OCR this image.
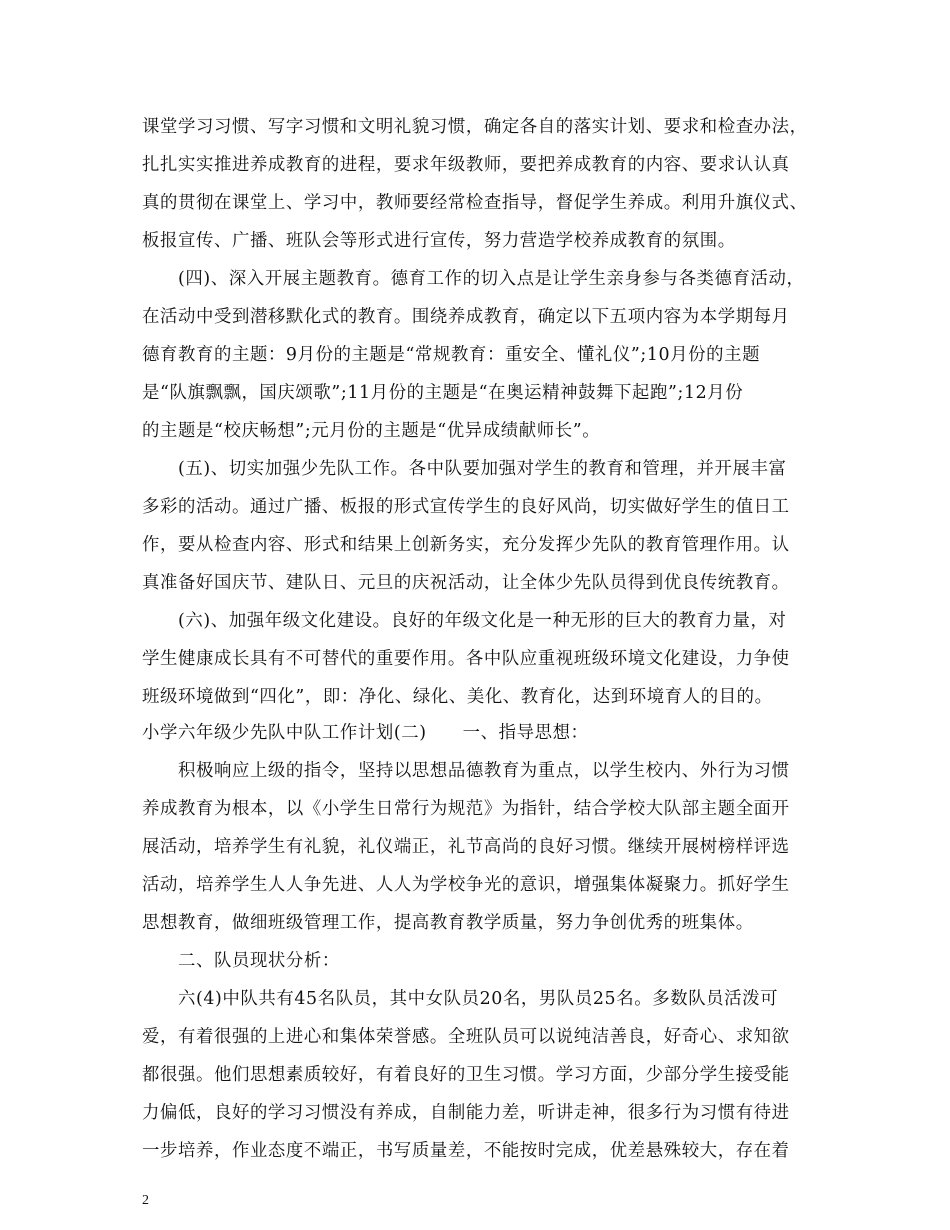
课堂学习习惯、写字习惯和文明礼貌习惯，确定各自的落实计划、要求和检查办法，
扎扎实实推进养成教育的进程，要求年级教师，要把养成教育的内容、要求认认真
真的贯彻在课堂上、学习中，教师要经常检查指导，督促学生养成。利用升旗仪式、
板报宣传、广播、班队会等形式进行宣传，努力营造学校养成教育的氛围。
　　(四)、深入开展主题教育。德育工作的切入点是让学生亲身参与各类德育活动，
在活动中受到潜移默化式的教育。围绕养成教育，确定以下五项内容为本学期每月
德育教育的主题：9月份的主题是“常规教育：重安全、懂礼仪”;10月份的主题
是“队旗飘飘，国庆颂歌”;11月份的主题是“在奥运精神鼓舞下起跑”;12月份
的主题是“校庆畅想”;元月份的主题是“优异成绩献师长”。
　　(五)、切实加强少先队工作。各中队要加强对学生的教育和管理，并开展丰富
多彩的活动。通过广播、板报的形式宣传学生的良好风尚，切实做好学生的值日工
作，要从检查内容、形式和结果上创新务实，充分发挥少先队的教育管理作用。认
真准备好国庆节、建队日、元旦的庆祝活动，让全体少先队员得到优良传统教育。
　　(六)、加强年级文化建设。良好的年级文化是一种无形的巨大的教育力量，对
学生健康成长具有不可替代的重要作用。各中队应重视班级环境文化建设，力争使
班级环境做到“四化”，即：净化、绿化、美化、教育化，达到环境育人的目的。
小学六年级少先队中队工作计划(二)　　一、指导思想：
　　积极响应上级的指令，坚持以思想品德教育为重点，以学生校内、外行为习惯
养成教育为根本，以《小学生日常行为规范》为指针，结合学校大队部主题全面开
展活动，培养学生有礼貌，礼仪端正，礼节高尚的良好习惯。继续开展树榜样评选
活动，培养学生人人争先进、人人为学校争光的意识，增强集体凝聚力。抓好学生
思想教育，做细班级管理工作，提高教育教学质量，努力争创优秀的班集体。
　　二、队员现状分析：
　　六(4)中队共有45名队员，其中女队员20名，男队员25名。多数队员活泼可
爱，有着很强的上进心和集体荣誉感。全班队员可以说纯洁善良，好奇心、求知欲
都很强。他们思想素质较好，有着良好的卫生习惯。学习方面，少部分学生接受能
力偏低，良好的学习习惯没有养成，自制能力差，听讲走神，很多行为习惯有待进
一步培养，作业态度不端正，书写质量差，不能按时完成，优差悬殊较大，存在着
2
